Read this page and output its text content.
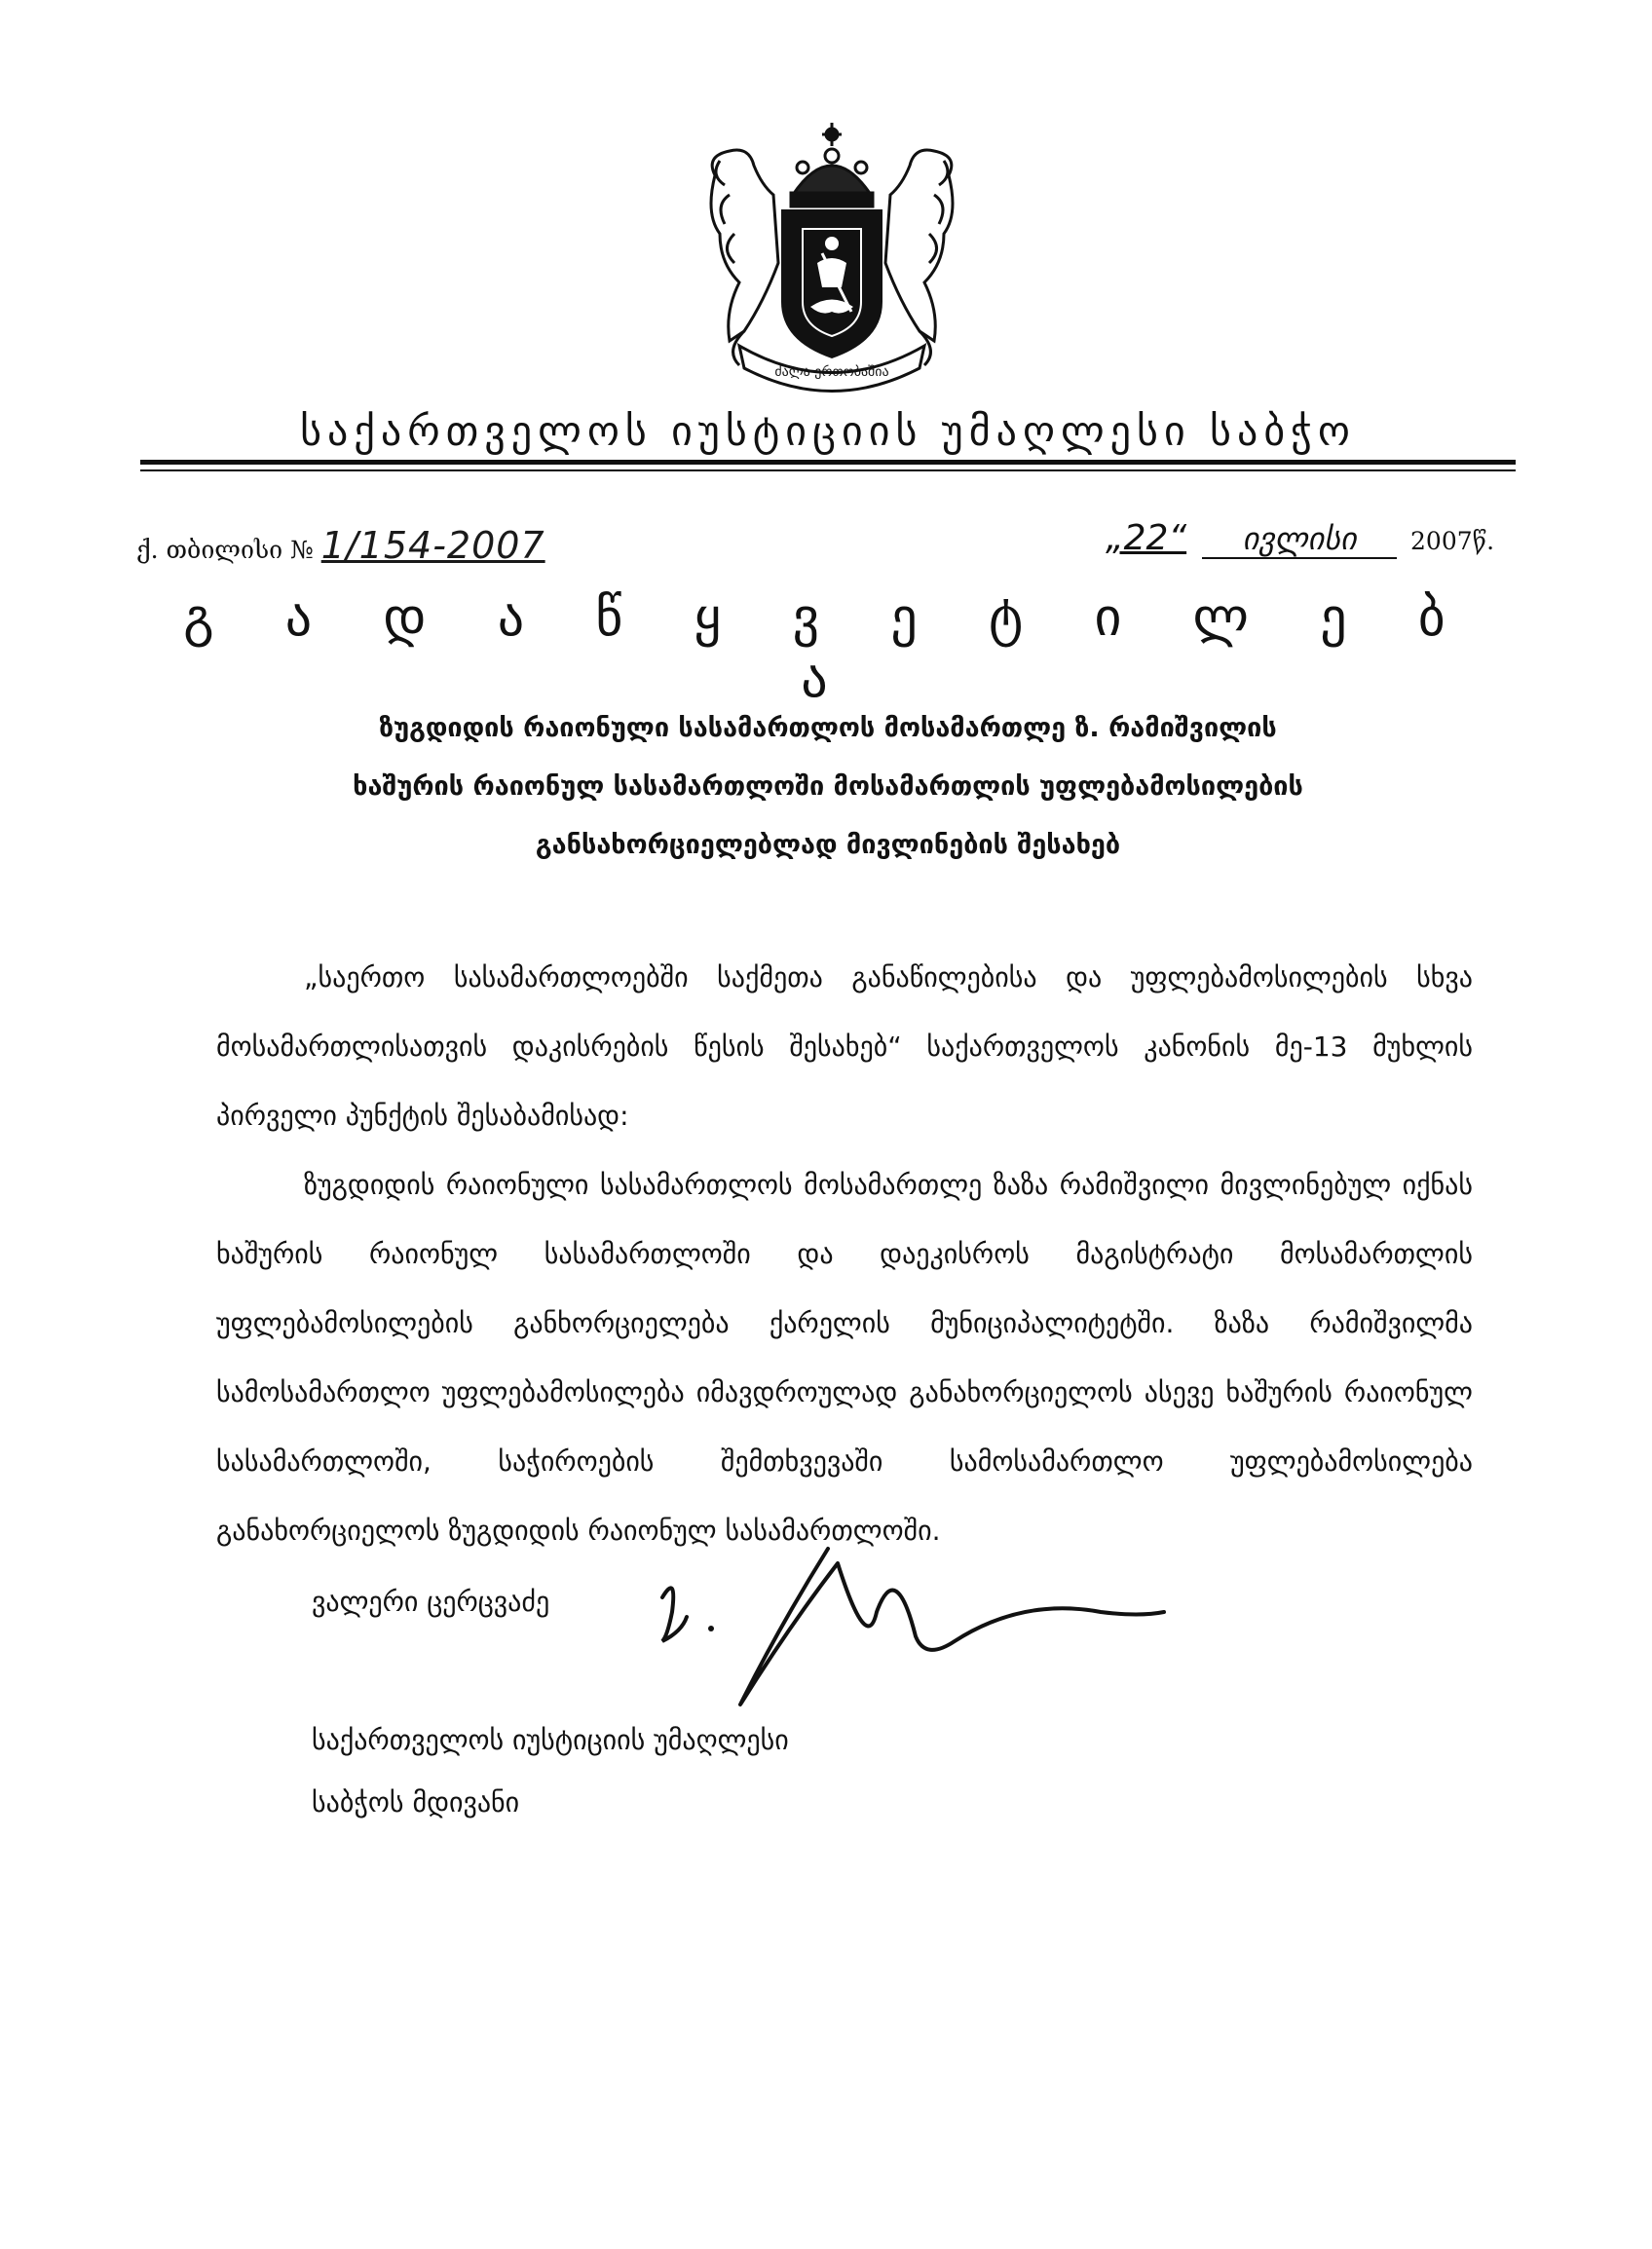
ძალა ერთობაშია
საქართველოს იუსტიციის უმაღლესი საბჭო
ქ. თბილისი № 1/154-2007	„22“ ივლისი 2007წ.
გ ა დ ა წ ყ ვ ე ტ ი ლ ე ბ ა
ზუგდიდის რაიონული სასამართლოს მოსამართლე ზ. რამიშვილის
ხაშურის რაიონულ სასამართლოში მოსამართლის უფლებამოსილების
განსახორციელებლად მივლინების შესახებ

„საერთო სასამართლოებში საქმეთა განაწილებისა და უფლებამოსილების სხვა მოსამართლისათვის დაკისრების წესის შესახებ“ საქართველოს კანონის მე-13 მუხლის პირველი პუნქტის შესაბამისად:

ზუგდიდის რაიონული სასამართლოს მოსამართლე ზაზა რამიშვილი მივლინებულ იქნას ხაშურის რაიონულ სასამართლოში და დაეკისროს მაგისტრატი მოსამართლის უფლებამოსილების განხორციელება ქარელის მუნიციპალიტეტში. ზაზა რამიშვილმა სამოსამართლო უფლებამოსილება იმავდროულად განახორციელოს ასევე ხაშურის რაიონულ სასამართლოში, საჭიროების შემთხვევაში სამოსამართლო უფლებამოსილება განახორციელოს ზუგდიდის რაიონულ სასამართლოში.

ვალერი ცერცვაძე
საქართველოს იუსტიციის უმაღლესი
საბჭოს მდივანი
